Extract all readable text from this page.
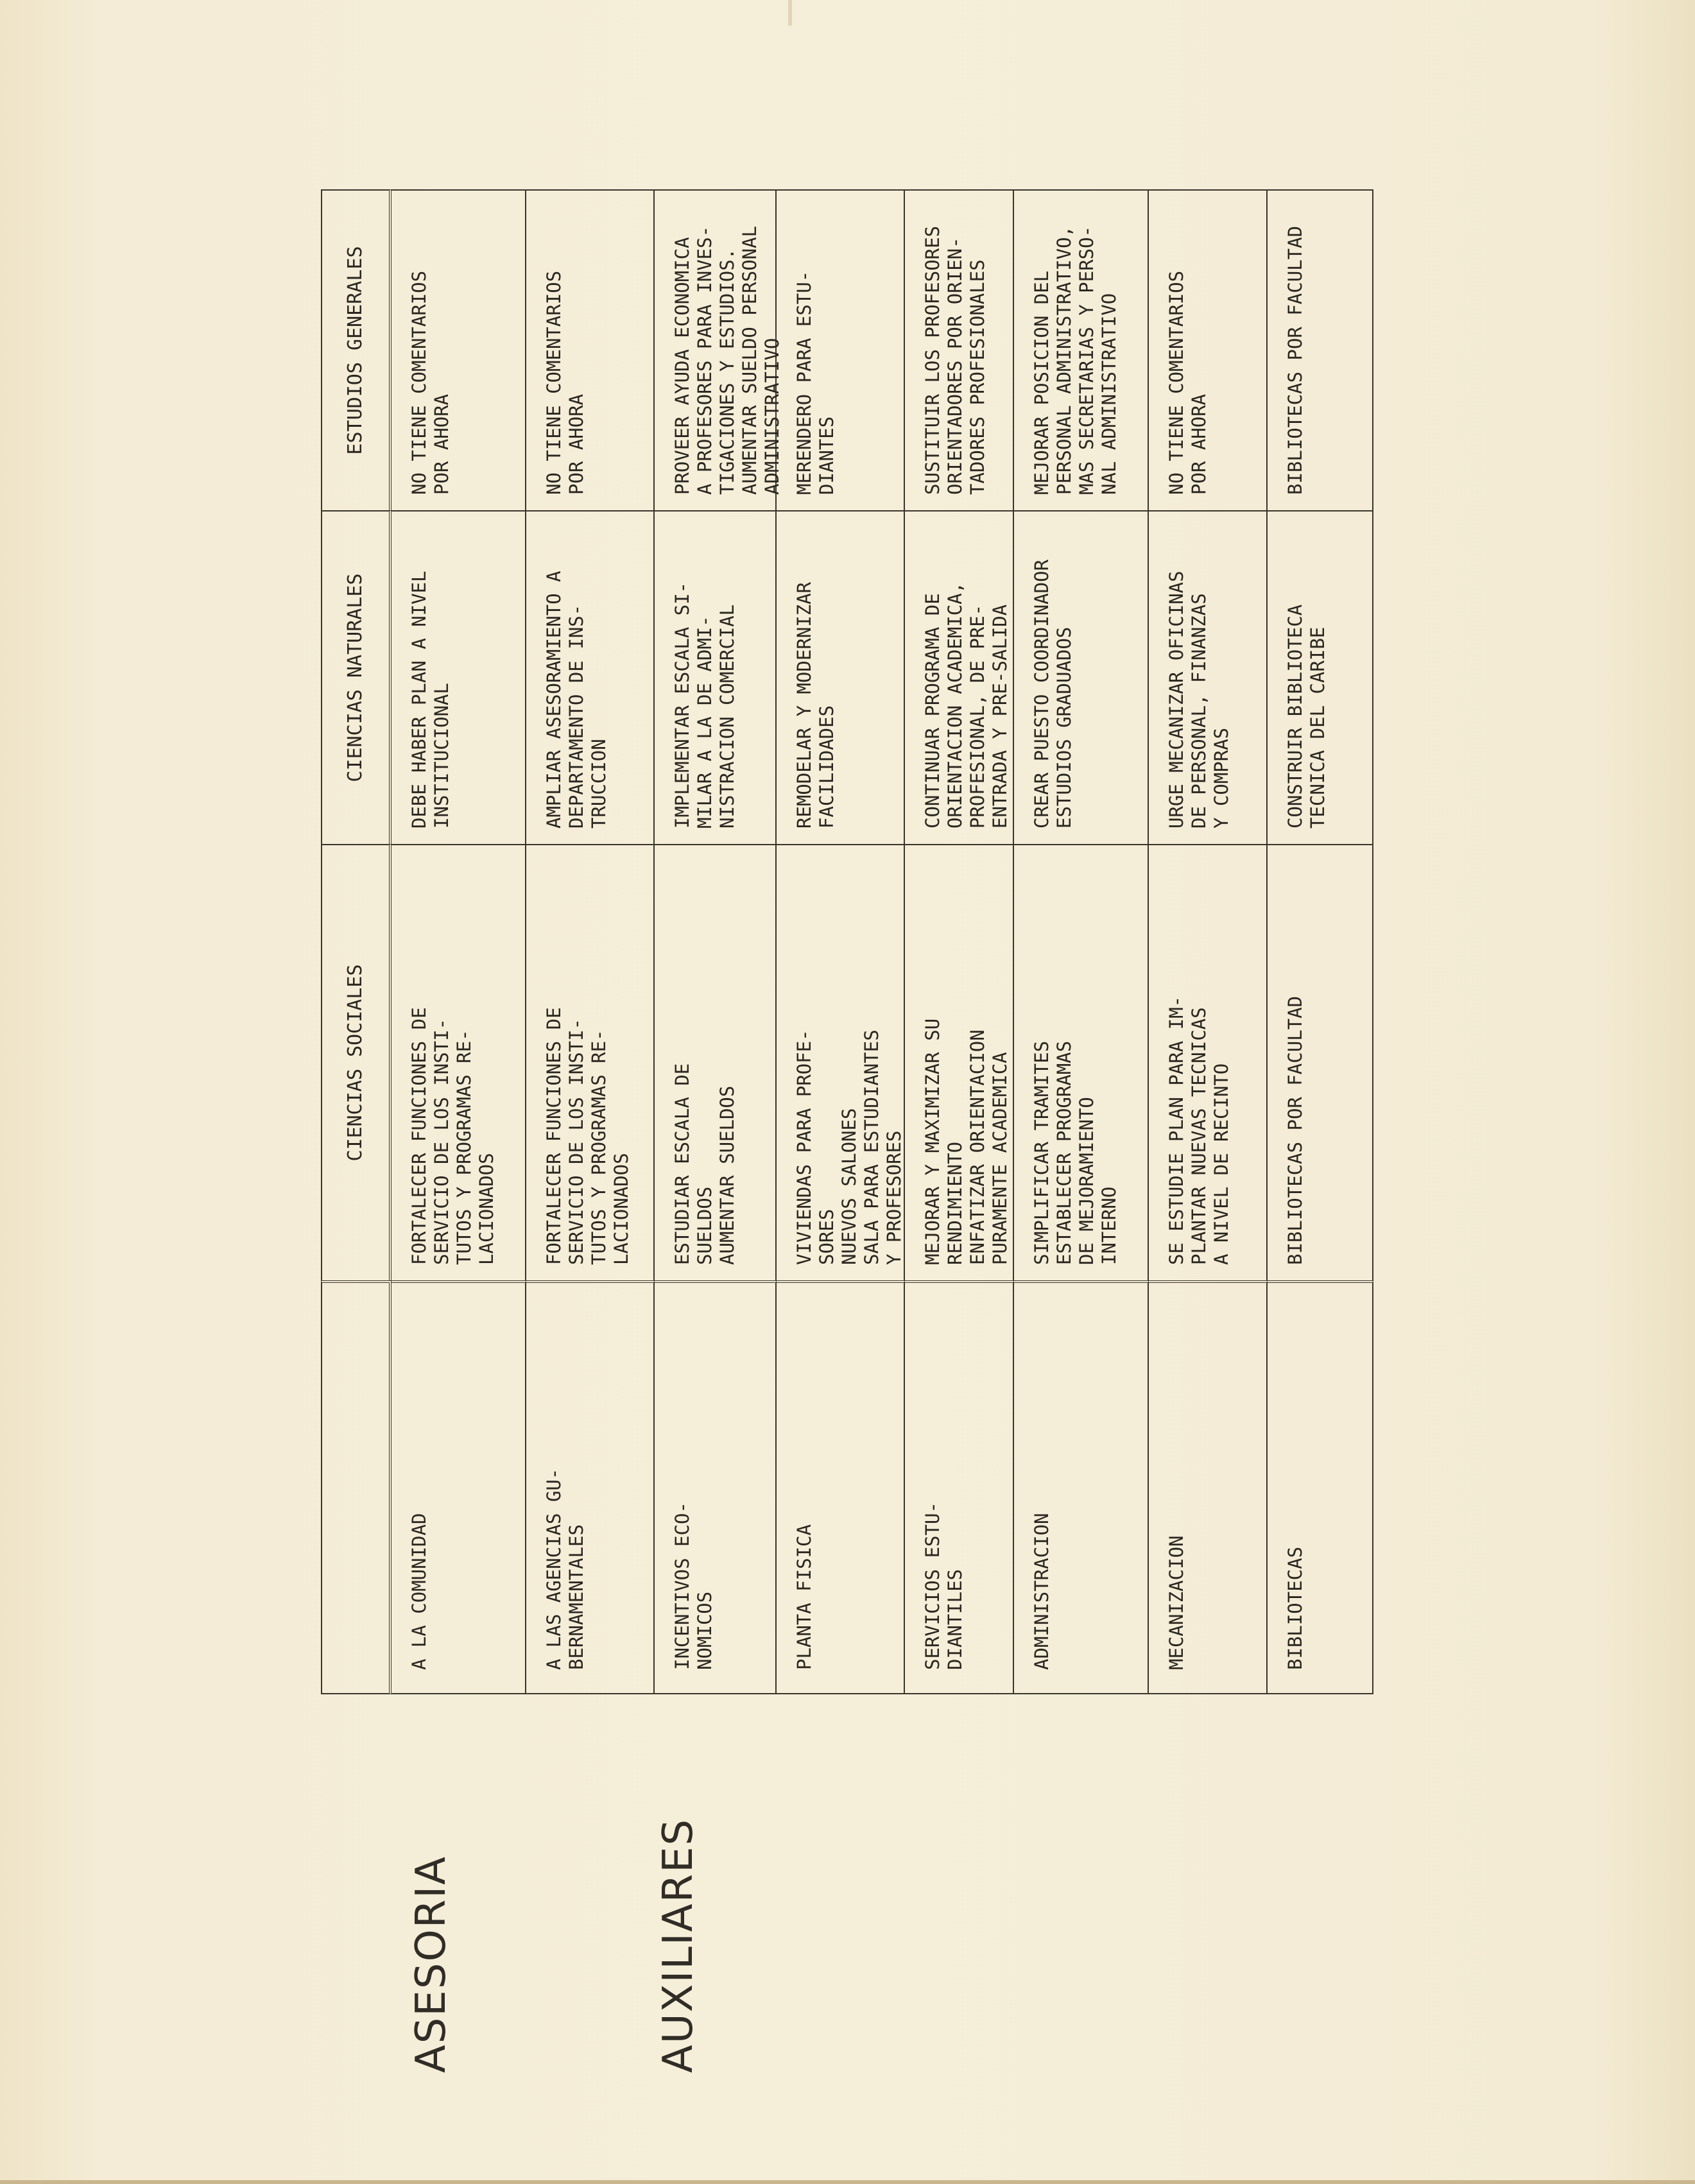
ASESORIA	AUXILIARES
CIENCIAS SOCIALES
CIENCIAS NATURALES
ESTUDIOS GENERALES
A LA COMUNIDAD
FORTALECER FUNCIONES DE
SERVICIO DE LOS INSTI-
TUTOS Y PROGRAMAS RE-
LACIONADOS
DEBE HABER PLAN A NIVEL
INSTITUCIONAL
NO TIENE COMENTARIOS
POR AHORA
A LAS AGENCIAS GU-
BERNAMENTALES
FORTALECER FUNCIONES DE
SERVICIO DE LOS INSTI-
TUTOS Y PROGRAMAS RE-
LACIONADOS
AMPLIAR ASESORAMIENTO A
DEPARTAMENTO DE INS-
TRUCCION
NO TIENE COMENTARIOS
POR AHORA
INCENTIVOS ECO-
NOMICOS
ESTUDIAR ESCALA DE
SUELDOS
AUMENTAR SUELDOS
IMPLEMENTAR ESCALA SI-
MILAR A LA DE ADMI-
NISTRACION COMERCIAL
PROVEER AYUDA ECONOMICA
A PROFESORES PARA INVES-
TIGACIONES Y ESTUDIOS.
AUMENTAR SUELDO PERSONAL
ADMINISTRATIVO
PLANTA FISICA
VIVIENDAS PARA PROFE-
SORES
NUEVOS SALONES
SALA PARA ESTUDIANTES
Y PROFESORES
REMODELAR Y MODERNIZAR
FACILIDADES
MERENDERO PARA ESTU-
DIANTES
SERVICIOS ESTU-
DIANTILES
MEJORAR Y MAXIMIZAR SU
RENDIMIENTO
ENFATIZAR ORIENTACION
PURAMENTE ACADEMICA
CONTINUAR PROGRAMA DE
ORIENTACION ACADEMICA,
PROFESIONAL, DE PRE-
ENTRADA Y PRE-SALIDA
SUSTITUIR LOS PROFESORES
ORIENTADORES POR ORIEN-
TADORES PROFESIONALES
ADMINISTRACION
SIMPLIFICAR TRAMITES
ESTABLECER PROGRAMAS
DE MEJORAMIENTO
INTERNO
CREAR PUESTO COORDINADOR
ESTUDIOS GRADUADOS
MEJORAR POSICION DEL
PERSONAL ADMINISTRATIVO,
MAS SECRETARIAS Y PERSO-
NAL ADMINISTRATIVO
MECANIZACION
SE ESTUDIE PLAN PARA IM-
PLANTAR NUEVAS TECNICAS
A NIVEL DE RECINTO
URGE MECANIZAR OFICINAS
DE PERSONAL, FINANZAS
Y COMPRAS
NO TIENE COMENTARIOS
POR AHORA
BIBLIOTECAS
BIBLIOTECAS POR FACULTAD
CONSTRUIR BIBLIOTECA
TECNICA DEL CARIBE
BIBLIOTECAS POR FACULTAD
